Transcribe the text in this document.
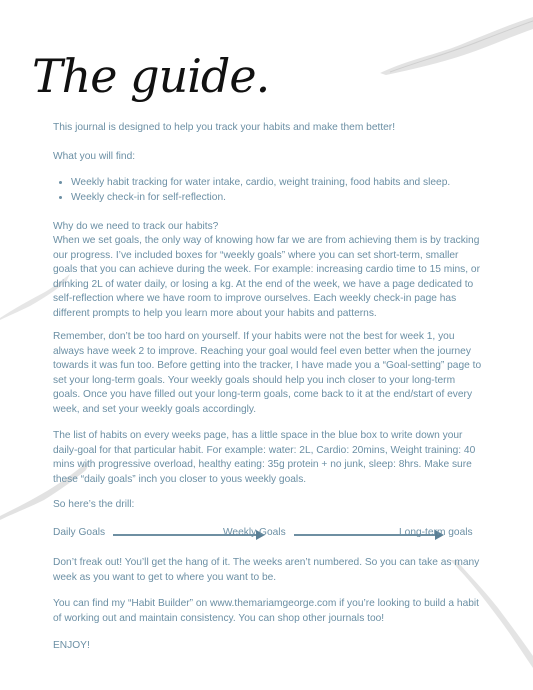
The guide.

This journal is designed to help you track your habits and make them better!

What you will find:

• Weekly habit tracking for water intake, cardio, weight training, food habits and sleep.
• Weekly check-in for self-reflection.

Why do we need to track our habits?

When we set goals, the only way of knowing how far we are from achieving them is by tracking our progress. I’ve included boxes for “weekly goals” where you can set short-term, smaller goals that you can achieve during the week. For example: increasing cardio time to 15 mins, or drinking 2L of water daily, or losing a kg. At the end of the week, we have a page dedicated to self-reflection where we have room to improve ourselves. Each weekly check-in page has different prompts to help you learn more about your habits and patterns.

Remember, don’t be too hard on yourself. If your habits were not the best for week 1, you always have week 2 to improve. Reaching your goal would feel even better when the journey towards it was fun too. Before getting into the tracker, I have made you a “Goal-setting” page to set your long-term goals. Your weekly goals should help you inch closer to your long-term goals. Once you have filled out your long-term goals, come back to it at the end/start of every week, and set your weekly goals accordingly.

The list of habits on every weeks page, has a little space in the blue box to write down your daily-goal for that particular habit. For example: water: 2L, Cardio: 20mins, Weight training: 40 mins with progressive overload, healthy eating: 35g protein + no junk, sleep: 8hrs. Make sure these “daily goals” inch you closer to yous weekly goals.

So here’s the drill:

Daily Goals	Weekly Goals	Long-term goals

Don’t freak out! You’ll get the hang of it. The weeks aren’t numbered. So you can take as many week as you want to get to where you want to be.

You can find my “Habit Builder” on www.themariamgeorge.com if you’re looking to build a habit of working out and maintain consistency. You can shop other journals too!

ENJOY!
